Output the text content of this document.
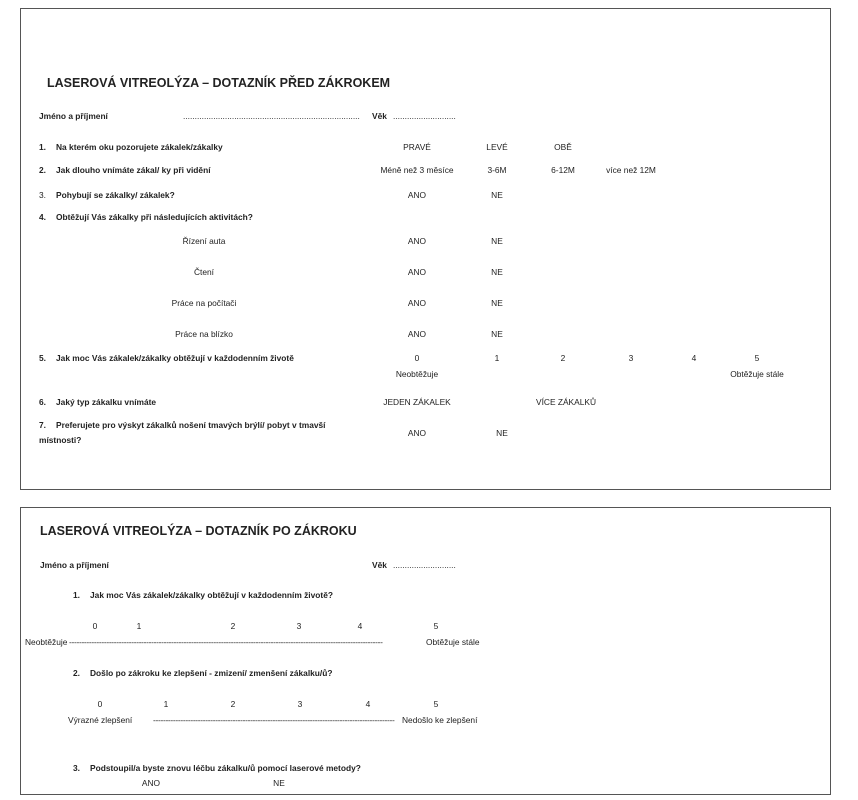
LASEROVÁ VITREOLÝZA – DOTAZNÍK PŘED ZÁKROKEM
Jméno a příjmení	............................................................................ Věk ...........................
1. Na kterém oku pozorujete zákalek/zákalky	PRAVÉ	LEVÉ	OBĚ
2. Jak dlouho vnímáte zákal/ ky při vidění	Méně než 3 měsíce	3-6M	6-12M	více než 12M
3. Pohybují se zákalky/ zákalek?	ANO	NE
4. Obtěžují Vás zákalky při následujících aktivitách?
Řízení auta	ANO	NE
Čtení	ANO	NE
Práce na počítači	ANO	NE
Práce na blízko	ANO	NE
5. Jak moc Vás zákalek/zákalky obtěžují v každodenním životě	0	1	2	3	4	5
Neobtěžuje	Obtěžuje stále
6. Jaký typ zákalku vnímáte	JEDEN ZÁKALEK	VÍCE ZÁKALKŮ
7. Preferujete pro výskyt zákalků nošení tmavých brýlí/ pobyt v tmavší
místnosti?
ANO	NE
LASEROVÁ VITREOLÝZA – DOTAZNÍK PO ZÁKROKU
Jméno a příjmení	Věk ...........................
1. Jak moc Vás zákalek/zákalky obtěžují v každodenním životě?
0	1	2	3	4	5
Neobtěžuje ------------------------------------------------------------------------------------------------------------------------------	Obtěžuje stále
2. Došlo po zákroku ke zlepšení - zmizení/ zmenšení zákalku/ů?
0	1	2	3	4	5
Výrazné zlepšení ------------------------------------------------------------------------------------------------- Nedošlo ke zlepšení
3. Podstoupil/a byste znovu léčbu zákalku/ů pomocí laserové metody?
ANO	NE
